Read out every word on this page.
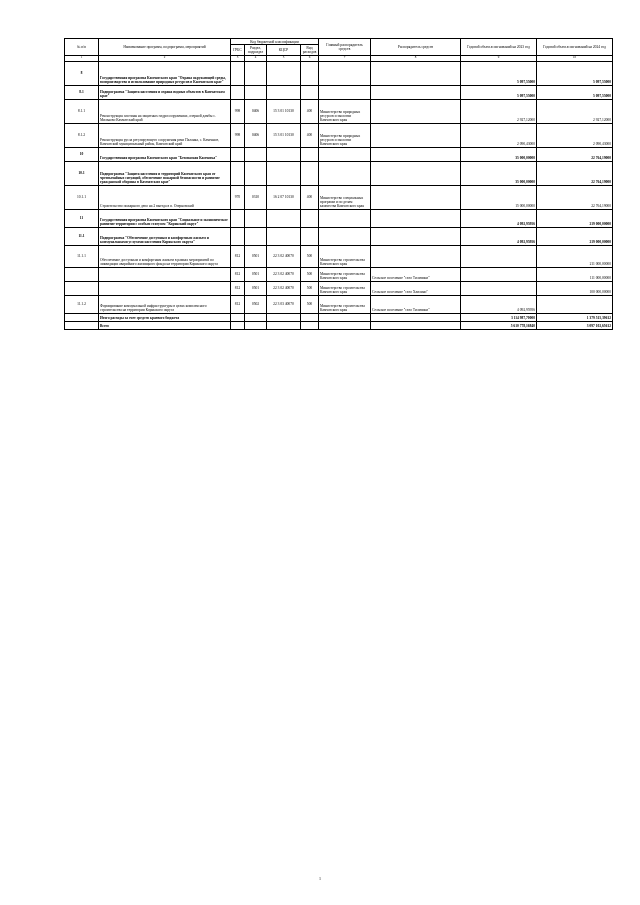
№ п/п	Наименование программ, подпрограмм, мероприятий	Код бюджетной классификации				Главный распорядитель средств	Распорядитель средств	Годовой объем ассигнований на 2023 год	Годовой объем ассигнований на 2024 год
		ГРБС	Раздел, подраздел	КЦСР	Вид расходов				
1	2	3	4	5	6	7	8	9	10
8	Государственная программа Камчатского края "Охрана окружающей среды, воспроизводство и использование природных ресурсов в Камчатском крае"							5 097,55000	5 097,55000
8.1	Подпрограмма "Защита населения и охрана водных объектов в Камчатском крае"							5 097,55000	5 097,55000
8.1.1	Реконструкция плотины на защитных гидросооружениях, озерной дамбы с. Мильково Камчатский край	998	0406	15 3 01 10130	400	Министерство природных ресурсов и экологии Камчатского края		2 927,12000	2 927,12000
8.1.2	Реконструкция русла регулирующего сооружения реки Паланка, с. Каменное, Камчатский муниципальный район, Камчатский край	998	0406	15 3 01 10130	400	Министерство природных ресурсов и экологии Камчатского края		2 090,43000	2 090,43000
10	Государственная программа Камчатского края "Безопасная Камчатка"							35 000,00000	22 764,19000
10.1	Подпрограмма "Защита населения и территорий Камчатского края от чрезвычайных ситуаций, обеспечение пожарной безопасности и развитие гражданской обороны в Камчатском крае"							35 000,00000	22 764,19000
10.1.1	Строительство пожарного депо на 2 выезда в п. Озерновский	970	0310	16 2 07 10130	400	Министерство специальных программ и по делам казачества Камчатского края		15 000,00000	22 764,19000
11	Государственная программа Камчатского края "Социальное и экономическое развитие территории с особым статусом "Корякский округ"							4 092,95956	219 000,00000
11.1	Подпрограмма "Обеспечение доступным и комфортным жильем и коммунальными услугами населения Корякского округа"							4 092,95956	219 000,00000
11.1.1	Обеспечение доступным и комфортным жильем в рамках мероприятий по ликвидации аварийного жилищного фонда на территории Корякского округа	812	0501	22 3 02 40070	500	Министерство строительства Камчатского края			211 000,00000
		812	0501	22 3 02 40070	500	Министерство строительства Камчатского края	Сельское поселение "село Тиличики"		111 000,00000
		812	0501	22 3 02 40070	500	Министерство строительства Камчатского края	Сельское поселение "село Хаилино"		100 000,00000
11.1.2	Формирование коммунальной инфраструктуры в целях комплексного строительства на территории Корякского округа	812	0502	22 3 03 40070	500	Министерство строительства Камчатского края	Сельское поселение "село Тиличики"	4 092,95956	
	Итого расходы за счет средств краевого бюджета							3 114 987,70000	1 379 515,39612
	Всего							5 610 778,16840	3 097 102,65612
1
